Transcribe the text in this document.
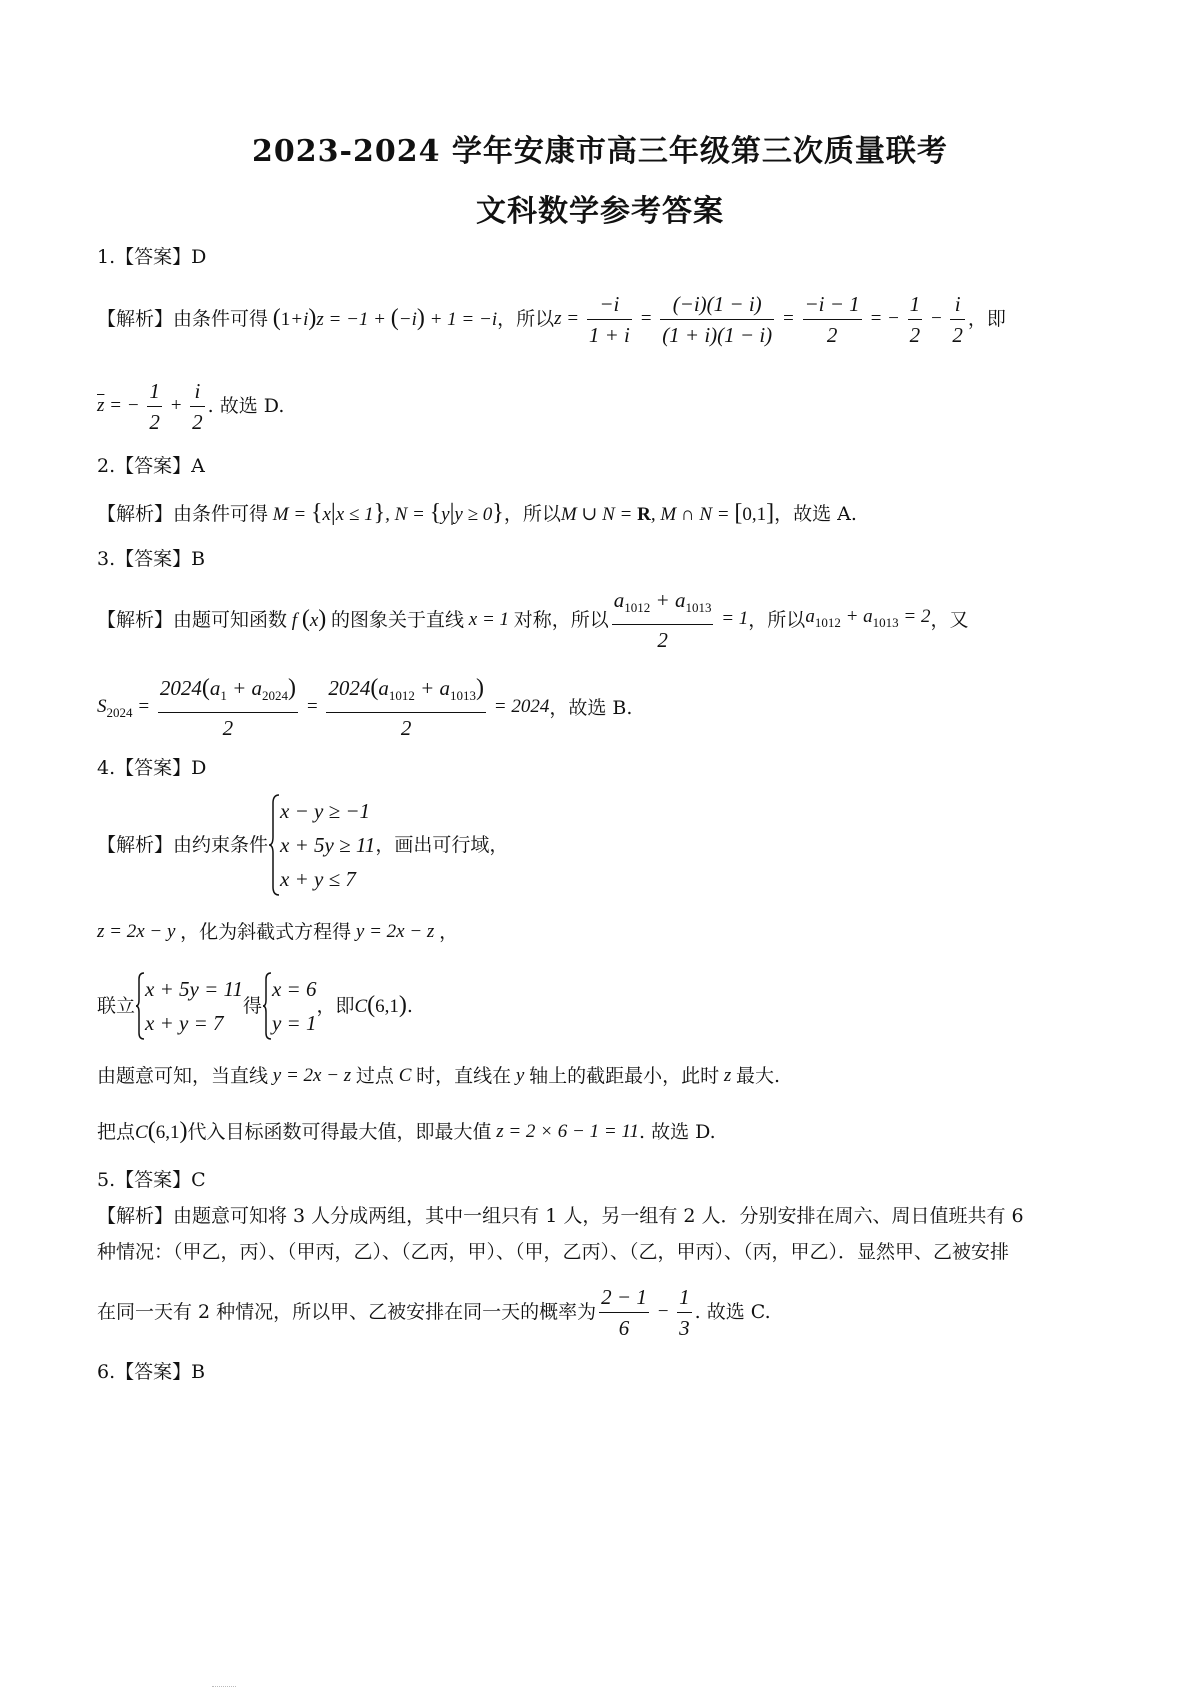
2023-2024 学年安康市高三年级第三次质量联考
文科数学参考答案
1.【答案】D
【解析】 由条件可得 (1+i)z = −1 + (−i) + 1 = −i ，所以 $z = \frac{-i}{1 + i} = \frac{(-i)(1 - i)}{(1 + i)(1 - i)} = \frac{-i - 1}{2}$ = − $\frac{1}{2} - \frac{i}{2}$ ，即
$\overline{z}$ = − $\frac{1}{2} + \frac{i}{2}$ . 故选 D.
2.【答案】A
【解析】 由条件可得 M = {x|x ≤ 1}, N = {y|y ≥ 0} ，所以 M ∪ N = R, M ∩ N = [0,1] ，故选 A.
3.【答案】B
【解析】 由题可知函数 f (x) 的图象关于直线 x = 1 对称，所以 $\frac{a_{1012} + a_{1013}}{2} = 1$ ，所以 $a_{1012} + a_{1013} = 2$ ，又
$S_{2024} = \frac{2024(a_1 + a_{2024})}{2} = \frac{2024(a_{1012} + a_{1013})}{2} = 2024$ ，故选 B.
4.【答案】D
【解析】 由约束条件
x − y ≥ −1
x + 5y ≥ 11
x + y ≤ 7
，画出可行域，
z = 2x − y ，化为斜截式方程得 y = 2x − z ，
联立
x + 5y = 11
x + y = 7
得
x = 6
y = 1
，即 C(6,1) .
由题意可知，当直线 y = 2x − z 过点 C 时，直线在 y 轴上的截距最小，此时 z 最大.
把点 C(6,1) 代入目标函数可得最大值，即最大值 z = 2 × 6 − 1 = 11 . 故选 D.
5.【答案】C
【解析】由题意可知将 3 人分成两组，其中一组只有 1 人，另一组有 2 人．分别安排在周六、周日值班共有 6
种情况：（甲乙，丙）、（甲丙，乙）、（乙丙，甲）、（甲，乙丙）、（乙，甲丙）、（丙，甲乙）．显然甲、乙被安排
在同一天有 2 种情况，所以甲、乙被安排在同一天的概率为 $\frac{2 - 1}{6} - \frac{1}{3}$ . 故选 C.
6.【答案】B
